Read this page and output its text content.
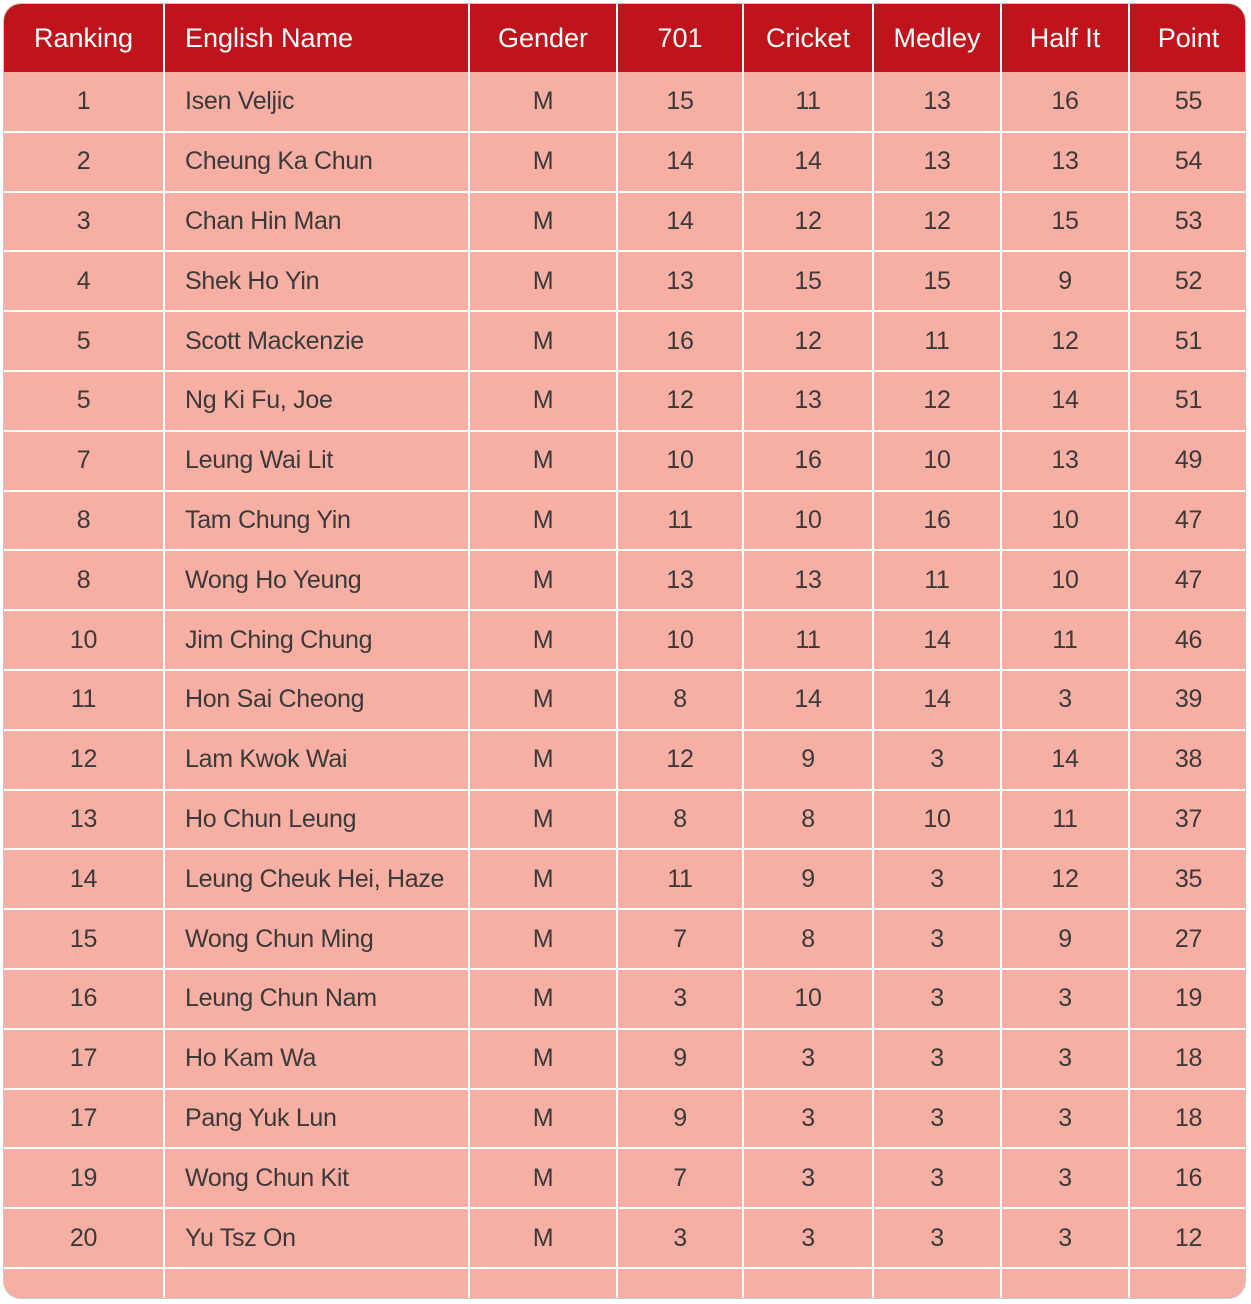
Ranking	English Name	Gender	701	Cricket	Medley	Half It	Point
1	Isen Veljic	M	15	11	13	16	55
2	Cheung Ka Chun	M	14	14	13	13	54
3	Chan Hin Man	M	14	12	12	15	53
4	Shek Ho Yin	M	13	15	15	9	52
5	Scott Mackenzie	M	16	12	11	12	51
5	Ng Ki Fu, Joe	M	12	13	12	14	51
7	Leung Wai Lit	M	10	16	10	13	49
8	Tam Chung Yin	M	11	10	16	10	47
8	Wong Ho Yeung	M	13	13	11	10	47
10	Jim Ching Chung	M	10	11	14	11	46
11	Hon Sai Cheong	M	8	14	14	3	39
12	Lam Kwok Wai	M	12	9	3	14	38
13	Ho Chun Leung	M	8	8	10	11	37
14	Leung Cheuk Hei, Haze	M	11	9	3	12	35
15	Wong Chun Ming	M	7	8	3	9	27
16	Leung Chun Nam	M	3	10	3	3	19
17	Ho Kam Wa	M	9	3	3	3	18
17	Pang Yuk Lun	M	9	3	3	3	18
19	Wong Chun Kit	M	7	3	3	3	16
20	Yu Tsz On	M	3	3	3	3	12
